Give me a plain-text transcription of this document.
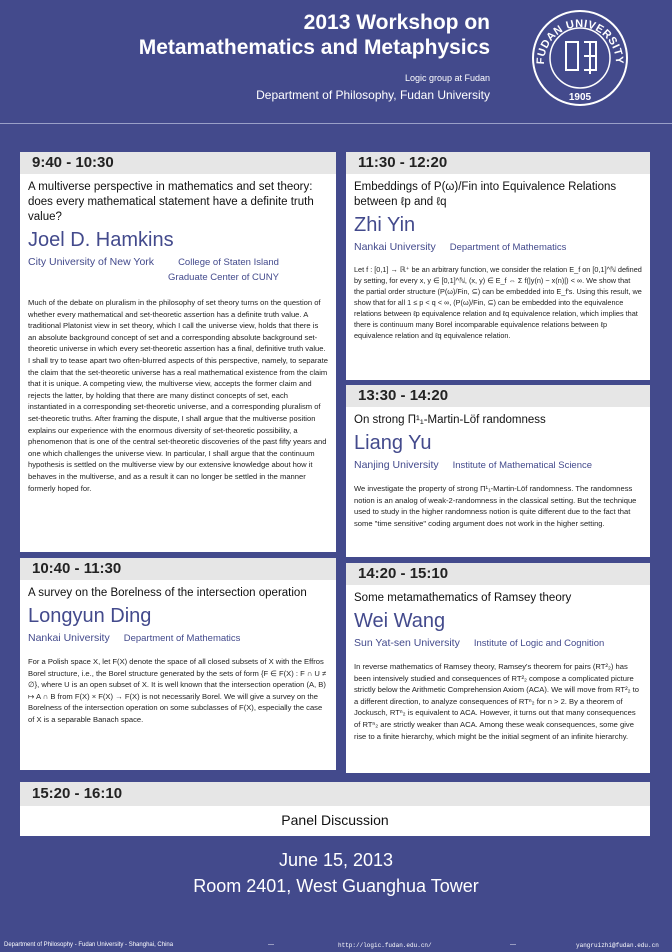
2013 Workshop on
Metamathematics and Metaphysics
Logic group at Fudan
Department of Philosophy, Fudan University
FUDAN UNIVERSITY
1905
9:40 - 10:30
A multiverse perspective in mathematics and set theory: does every mathematical statement have a definite truth value?
Joel D. Hamkins
City University of New York	College of Staten Island
Graduate Center of CUNY
Much of the debate on pluralism in the philosophy of set theory turns on the question of whether every mathematical and set-theoretic assertion has a definite truth value. A traditional Platonist view in set theory, which I call the universe view, holds that there is an absolute background concept of set and a corresponding absolute background set-theoretic universe in which every set-theoretic assertion has a final, definitive truth value. I shall try to tease apart two often-blurred aspects of this perspective, namely, to separate the claim that the set-theoretic universe has a real mathematical existence from the claim that it is unique. A competing view, the multiverse view, accepts the former claim and rejects the latter, by holding that there are many distinct concepts of set, each instantiated in a corresponding set-theoretic universe, and a corresponding pluralism of set-theoretic truths. After framing the dispute, I shall argue that the multiverse position explains our experience with the enormous diversity of set-theoretic possibility, a phenomenon that is one of the central set-theoretic discoveries of the past fifty years and one which challenges the universe view. In particular, I shall argue that the continuum hypothesis is settled on the multiverse view by our extensive knowledge about how it behaves in the multiverse, and as a result it can no longer be settled in the manner formerly hoped for.
10:40 - 11:30
A survey on the Borelness of the intersection operation
Longyun Ding
Nankai University Department of Mathematics
For a Polish space X, let F(X) denote the space of all closed subsets of X with the Effros Borel structure, i.e., the Borel structure generated by the sets of form {F ∈ F(X) : F ∩ U ≠ ∅}, where U is an open subset of X. It is well known that the intersection operation (A, B) ↦ A ∩ B from F(X) × F(X) → F(X) is not necessarily Borel. We will give a survey on the Borelness of the intersection operation on some subclasses of F(X), especially the case of X is a separable Banach space.
11:30 - 12:20
Embeddings of P(ω)/Fin into Equivalence Relations between ℓp and ℓq
Zhi Yin
Nankai University Department of Mathematics
Let f : [0,1] → ℝ⁺ be an arbitrary function, we consider the relation E_f on [0,1]^ℕ defined by setting, for every x, y ∈ [0,1]^ℕ, (x, y) ∈ E_f ⇔ Σ f(|y(n) − x(n)|) < ∞. We show that the partial order structure (P(ω)/Fin, ⊆) can be embedded into E_f's. Using this result, we show that for all 1 ≤ p < q < ∞, (P(ω)/Fin, ⊆) can be embedded into the equivalence relations between ℓp equivalence relation and ℓq equivalence relation, which implies that there is continuum many Borel incomparable equivalence relations between ℓp equivalence relation and ℓq equivalence relation.
13:30 - 14:20
On strong Π¹₁-Martin-Löf randomness
Liang Yu
Nanjing University Institute of Mathematical Science
We investigate the property of strong Π¹₁-Martin-Löf randomness. The randomness notion is an analog of weak-2-randomness in the classical setting. But the technique used to study in the higher randomness notion is quite different due to the fact that some "time sensitive" coding argument does not work in the higher setting.
14:20 - 15:10
Some metamathematics of Ramsey theory
Wei Wang
Sun Yat-sen University Institute of Logic and Cognition
In reverse mathematics of Ramsey theory, Ramsey's theorem for pairs (RT²₂) has been intensively studied and consequences of RT²₂ compose a complicated picture strictly below the Arithmetic Comprehension Axiom (ACA). We will move from RT²₂ to a different direction, to analyze consequences of RTⁿ₂ for n > 2. By a theorem of Jockusch, RTⁿ₂ is equivalent to ACA. However, it turns out that many consequences of RTⁿ₂ are strictly weaker than ACA. Among these weak consequences, some give rise to a finite hierarchy, which might be the initial segment of an infinite hierarchy.
15:20 - 16:10
Panel Discussion
June 15, 2013
Room 2401, West Guanghua Tower
Department of Philosophy - Fudan University - Shanghai, China	—	http://logic.fudan.edu.cn/	—	yangruizhi@fudan.edu.cn
